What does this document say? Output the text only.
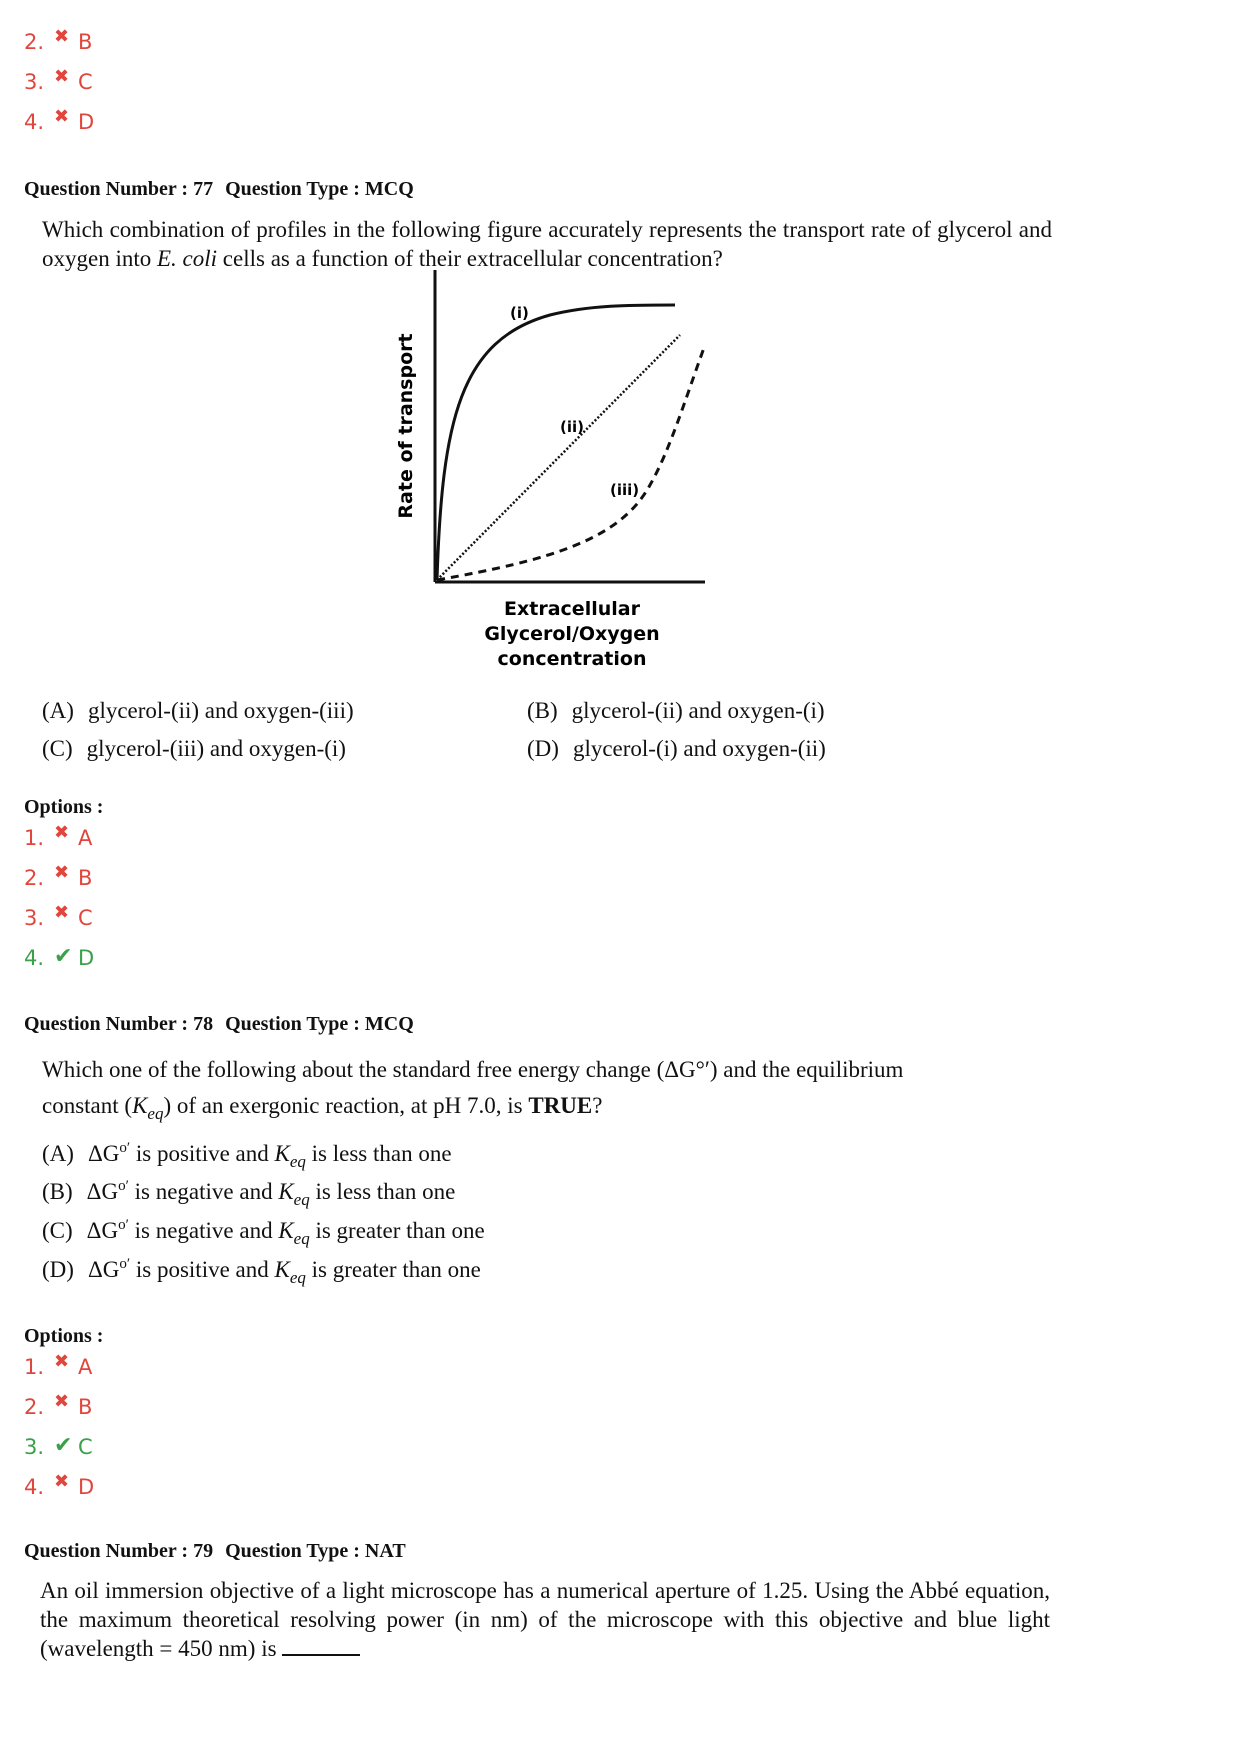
2. ✖ B
3. ✖ C
4. ✖ D
Question Number : 77 Question Type : MCQ
Which combination of profiles in the following figure accurately represents the transport rate of glycerol and oxygen into E. coli cells as a function of their extracellular concentration?
(i)
(ii)
(iii)
Rate of transport
Extracellular
Glycerol/Oxygen
concentration
(A) glycerol-(ii) and oxygen-(iii)	(B) glycerol-(ii) and oxygen-(i)
(C) glycerol-(iii) and oxygen-(i)	(D) glycerol-(i) and oxygen-(ii)
Options :
1. ✖ A
2. ✖ B
3. ✖ C
4. ✔ D
Question Number : 78 Question Type : MCQ
Which one of the following about the standard free energy change (ΔG°′) and the equilibrium
constant $(K_{eq})$ of an exergonic reaction, at pH 7.0, is TRUE?
(A) $\Delta G^{o'}$ is positive and $K_{eq}$ is less than one
(B) $\Delta G^{o'}$ is negative and $K_{eq}$ is less than one
(C) $\Delta G^{o'}$ is negative and $K_{eq}$ is greater than one
(D) $\Delta G^{o'}$ is positive and $K_{eq}$ is greater than one
Options :
1. ✖ A
2. ✖ B
3. ✔ C
4. ✖ D
Question Number : 79 Question Type : NAT
An oil immersion objective of a light microscope has a numerical aperture of 1.25. Using the Abbé equation, the maximum theoretical resolving power (in nm) of the microscope with this objective and blue light (wavelength = 450 nm) is
